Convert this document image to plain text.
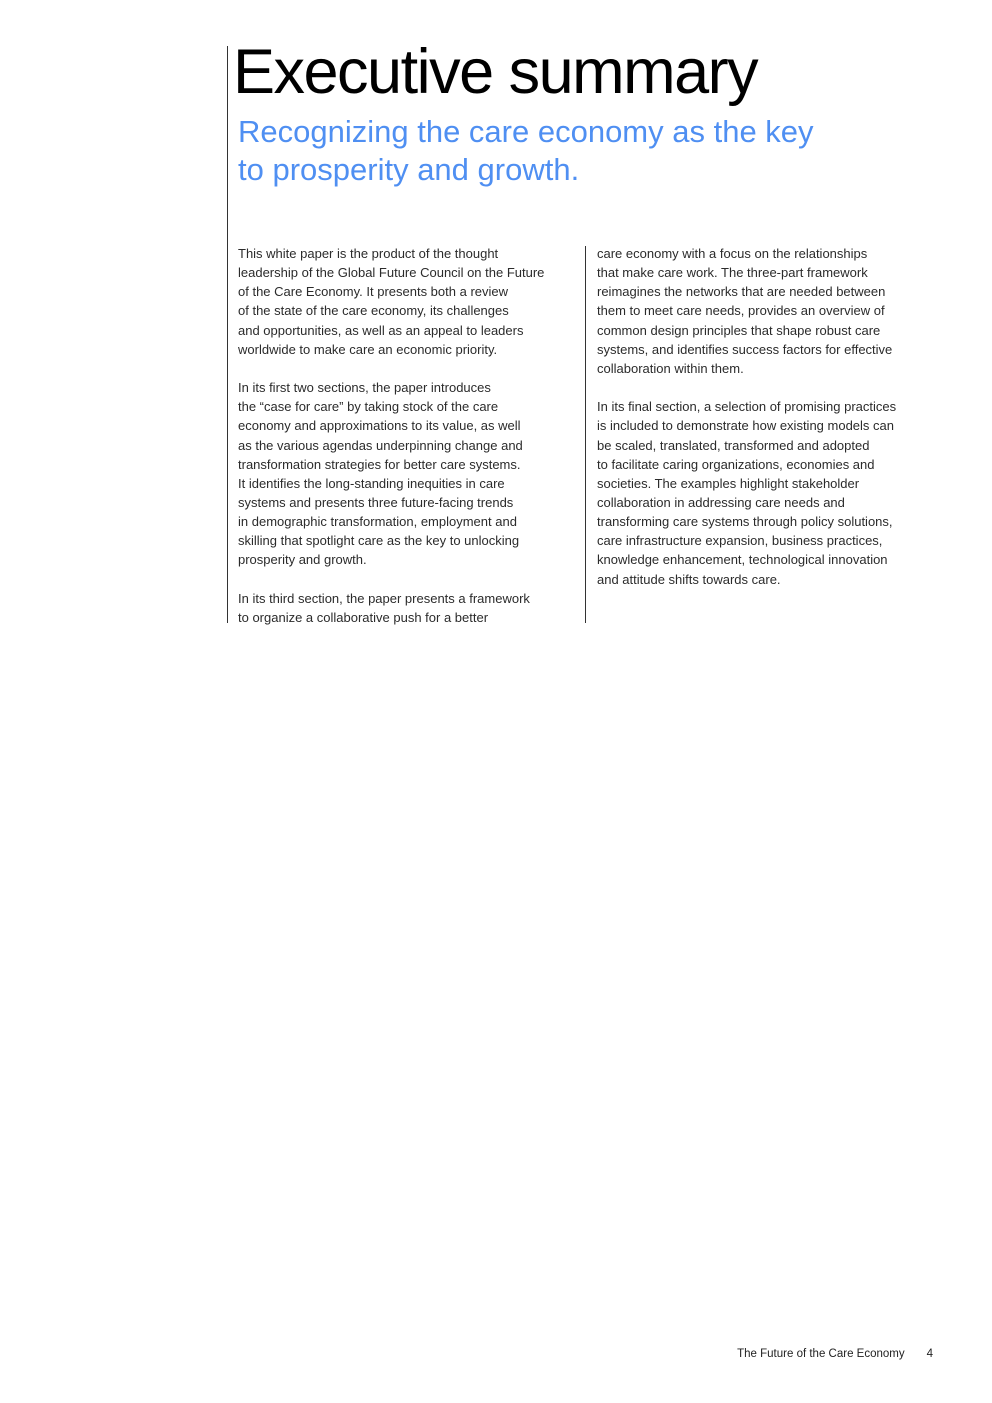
Executive summary
Recognizing the care economy as the key
to prosperity and growth.

This white paper is the product of the thought
leadership of the Global Future Council on the Future
of the Care Economy. It presents both a review
of the state of the care economy, its challenges
and opportunities, as well as an appeal to leaders
worldwide to make care an economic priority.

In its first two sections, the paper introduces
the “case for care” by taking stock of the care
economy and approximations to its value, as well
as the various agendas underpinning change and
transformation strategies for better care systems.
It identifies the long-standing inequities in care
systems and presents three future-facing trends
in demographic transformation, employment and
skilling that spotlight care as the key to unlocking
prosperity and growth.

In its third section, the paper presents a framework
to organize a collaborative push for a better

care economy with a focus on the relationships
that make care work. The three-part framework
reimagines the networks that are needed between
them to meet care needs, provides an overview of
common design principles that shape robust care
systems, and identifies success factors for effective
collaboration within them.

In its final section, a selection of promising practices
is included to demonstrate how existing models can
be scaled, translated, transformed and adopted
to facilitate caring organizations, economies and
societies. The examples highlight stakeholder
collaboration in addressing care needs and
transforming care systems through policy solutions,
care infrastructure expansion, business practices,
knowledge enhancement, technological innovation
and attitude shifts towards care.

The Future of the Care Economy 4
